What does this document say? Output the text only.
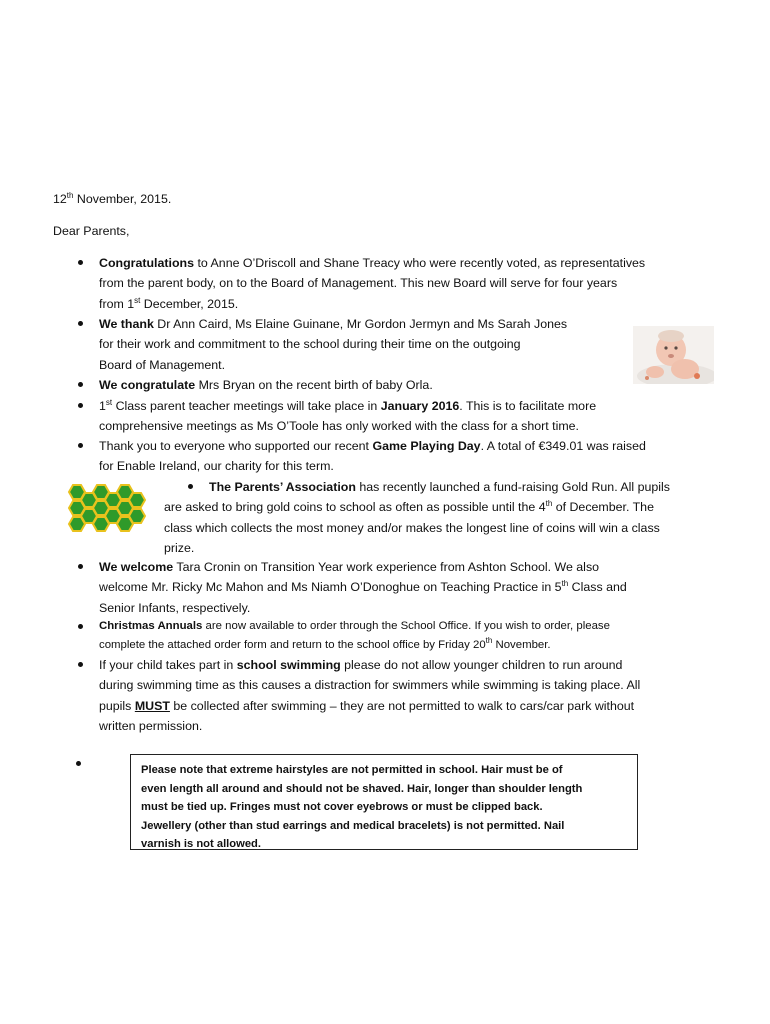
12th November, 2015.
Dear Parents,
Congratulations to Anne O’Driscoll and Shane Treacy who were recently voted, as representatives
from the parent body, on to the Board of Management. This new Board will serve for four years
from 1st December, 2015.
We thank Dr Ann Caird, Ms Elaine Guinane, Mr Gordon Jermyn and Ms Sarah Jones
for their work and commitment to the school during their time on the outgoing
Board of Management.
We congratulate Mrs Bryan on the recent birth of baby Orla.
1st Class parent teacher meetings will take place in January 2016. This is to facilitate more
comprehensive meetings as Ms O’Toole has only worked with the class for a short time.
Thank you to everyone who supported our recent Game Playing Day. A total of €349.01 was raised
for Enable Ireland, our charity for this term.
The Parents’ Association has recently launched a fund-raising Gold Run. All pupils
are asked to bring gold coins to school as often as possible until the 4th of December. The
class which collects the most money and/or makes the longest line of coins will win a class
prize.
We welcome Tara Cronin on Transition Year work experience from Ashton School. We also
welcome Mr. Ricky Mc Mahon and Ms Niamh O’Donoghue on Teaching Practice in 5th Class and
Senior Infants, respectively.
Christmas Annuals are now available to order through the School Office. If you wish to order, please
complete the attached order form and return to the school office by Friday 20th November.
If your child takes part in school swimming please do not allow younger children to run around
during swimming time as this causes a distraction for swimmers while swimming is taking place. All
pupils MUST be collected after swimming – they are not permitted to walk to cars/car park without
written permission.
Please note that extreme hairstyles are not permitted in school. Hair must be of
even length all around and should not be shaved. Hair, longer than shoulder length
must be tied up. Fringes must not cover eyebrows or must be clipped back.
Jewellery (other than stud earrings and medical bracelets) is not permitted. Nail
varnish is not allowed.
